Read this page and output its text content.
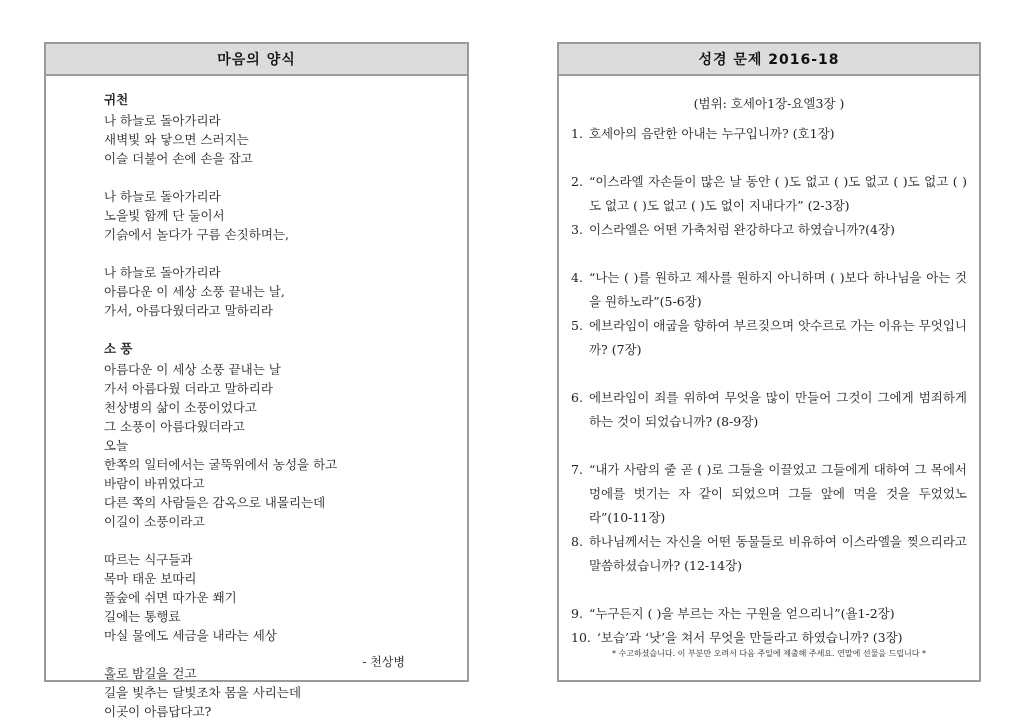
마음의 양식
귀천
나 하늘로 돌아가리라
새벽빛 와 닿으면 스러지는
이슬 더불어 손에 손을 잡고
나 하늘로 돌아가리라
노을빛 함께 단 둘이서
기슭에서 놀다가 구름 손짓하며는,
나 하늘로 돌아가리라
아름다운 이 세상 소풍 끝내는 날,
가서, 아름다웠더라고 말하리라
소 풍
아름다운 이 세상 소풍 끝내는 날
가서 아름다웠 더라고 말하리라
천상병의 삶이 소풍이었다고
그 소풍이 아름다웠더라고
오늘
한쪽의 일터에서는 굴뚝위에서 농성을 하고
바람이 바뀌었다고
다른 쪽의 사람들은 감옥으로 내몰리는데
이길이 소풍이라고
따르는 식구들과
목마 태운 보따리
풀숲에 쉬면 따가운 쐐기
길에는 통행료
마실 물에도 세금을 내라는 세상
홀로 밤길을 걷고
길을 빛추는 달빛조차 몸을 사리는데
이곳이 아름답다고?
- 천상병
성경 문제 2016-18
(범위: 호세아1장-요엘3장 )
1. 호세아의 음란한 아내는 누구입니까? (호1장)
2. “이스라엘 자손들이 많은 날 동안 ( )도 없고 ( )도 없고 ( )도 없고 ( )도 없고 ( )도 없고 ( )도 없이 지내다가” (2-3장)
3. 이스라엘은 어떤 가축처럼 완강하다고 하였습니까?(4장)
4. “나는 ( )를 원하고 제사를 원하지 아니하며 ( )보다 하나님을 아는 것을 원하노라”(5-6장)
5. 에브라임이 애굽을 향하여 부르짖으며 앗수르로 가는 이유는 무엇입니까? (7장)
6. 에브라임이 죄를 위하여 무엇을 많이 만들어 그것이 그에게 범죄하게 하는 것이 되었습니까? (8-9장)
7. “내가 사람의 줄 곧 ( )로 그들을 이끌었고 그들에게 대하여 그 목에서 멍에를 벗기는 자 같이 되었으며 그들 앞에 먹을 것을 두었었노라”(10-11장)
8. 하나님께서는 자신을 어떤 동물들로 비유하여 이스라엘을 찢으리라고 말씀하셨습니까? (12-14장)
9. “누구든지 ( )을 부르는 자는 구원을 얻으리니”(욜1-2장)
10. ‘보습’과 ‘낫’을 쳐서 무엇을 만들라고 하였습니까? (3장)
* 수고하셨습니다. 이 부분만 오려서 다음 주일에 제출해 주세요. 연말에 선물을 드립니다 *
